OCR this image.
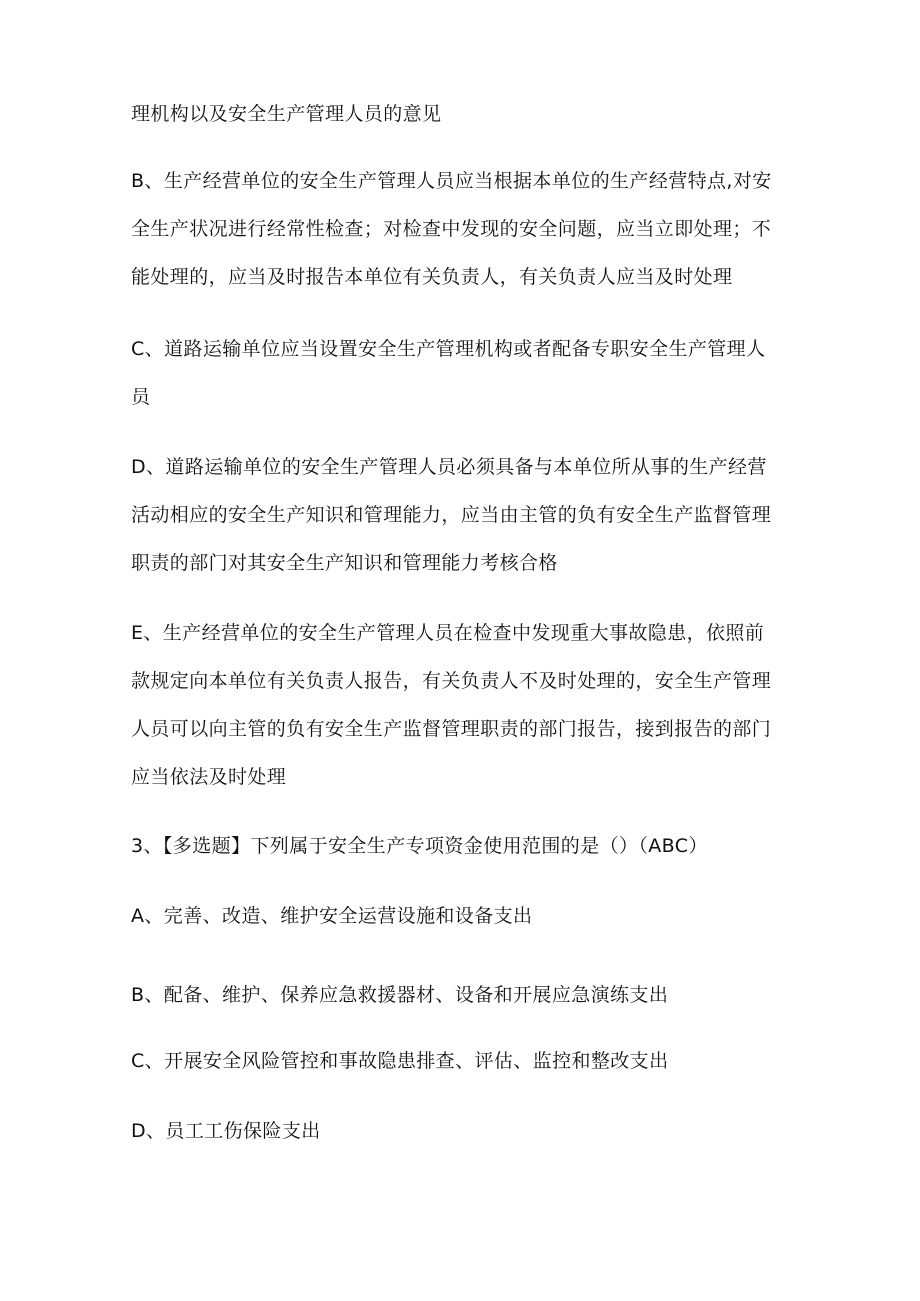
理机构以及安全生产管理人员的意见
B、生产经营单位的安全生产管理人员应当根据本单位的生产经营特点,对安
全生产状况进行经常性检查；对检查中发现的安全问题，应当立即处理；不
能处理的，应当及时报告本单位有关负责人，有关负责人应当及时处理
C、道路运输单位应当设置安全生产管理机构或者配备专职安全生产管理人
员
D、道路运输单位的安全生产管理人员必须具备与本单位所从事的生产经营
活动相应的安全生产知识和管理能力，应当由主管的负有安全生产监督管理
职责的部门对其安全生产知识和管理能力考核合格
E、生产经营单位的安全生产管理人员在检查中发现重大事故隐患，依照前
款规定向本单位有关负责人报告，有关负责人不及时处理的，安全生产管理
人员可以向主管的负有安全生产监督管理职责的部门报告，接到报告的部门
应当依法及时处理
3、【多选题】下列属于安全生产专项资金使用范围的是（）（ABC）
A、完善、改造、维护安全运营设施和设备支出
B、配备、维护、保养应急救援器材、设备和开展应急演练支出
C、开展安全风险管控和事故隐患排查、评估、监控和整改支出
D、员工工伤保险支出
